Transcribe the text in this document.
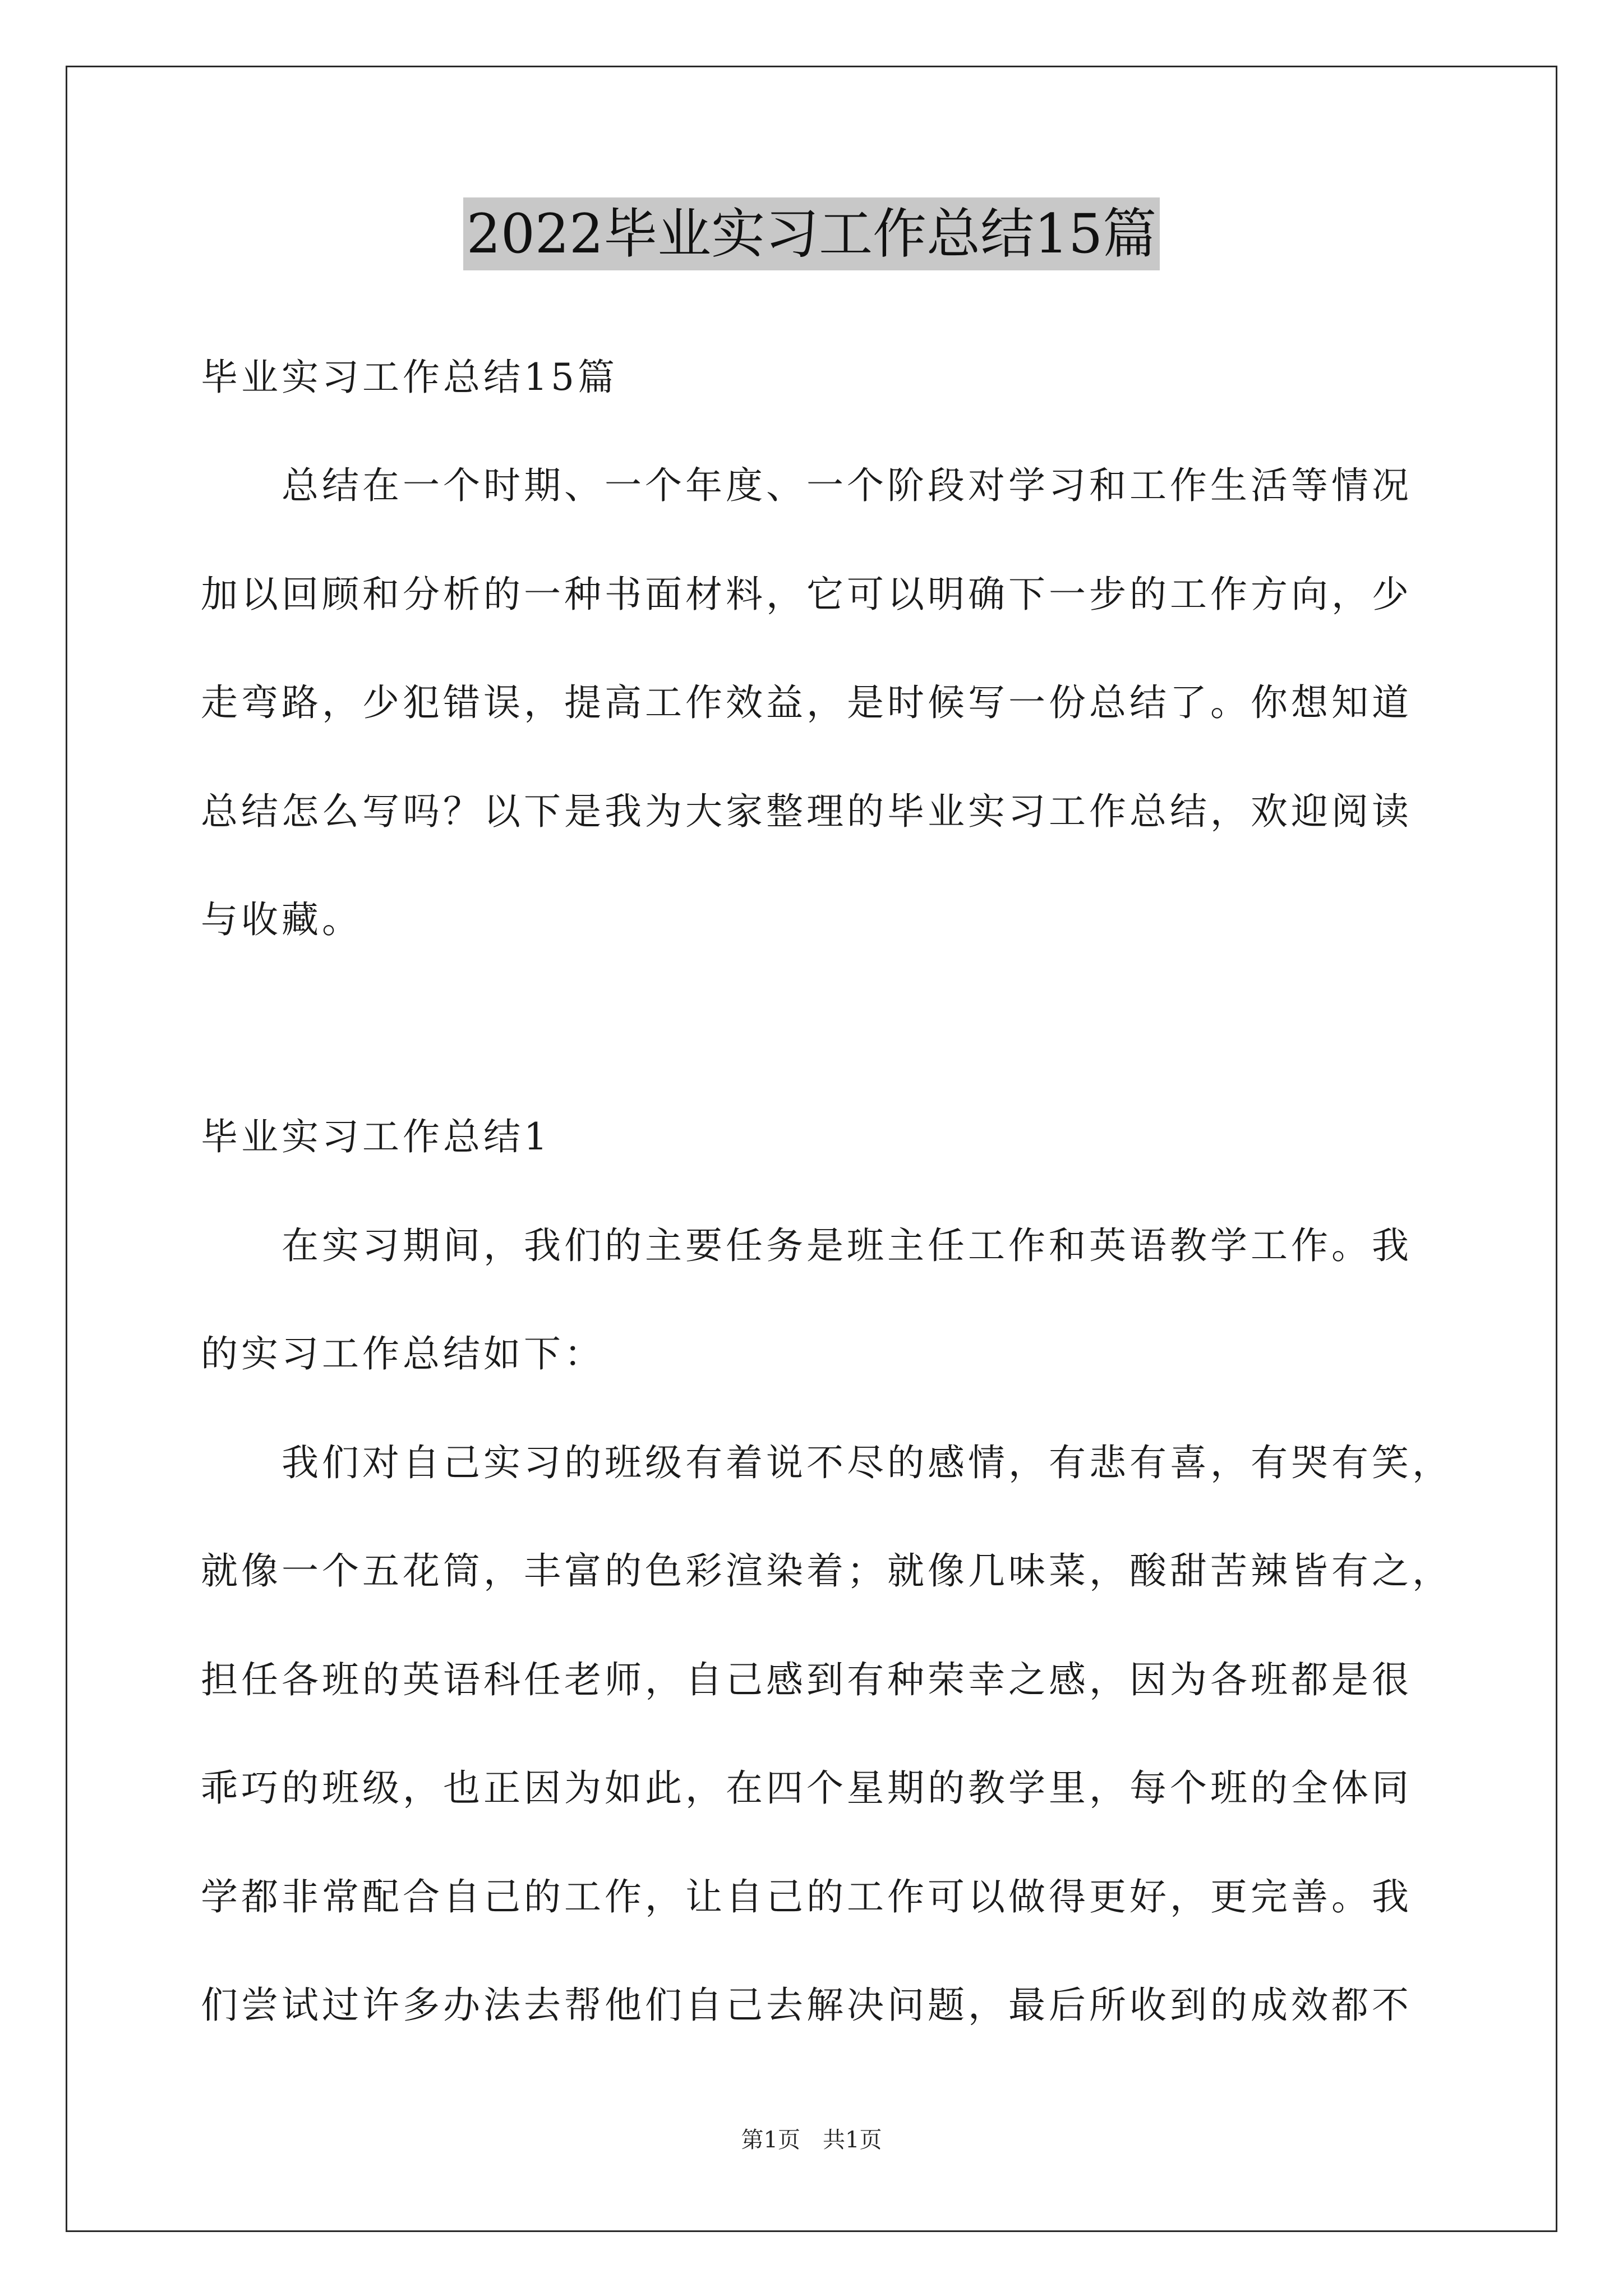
2022毕业实习工作总结15篇
毕业实习工作总结15篇
总结在一个时期、一个年度、一个阶段对学习和工作生活等情况
加以回顾和分析的一种书面材料，它可以明确下一步的工作方向，少
走弯路，少犯错误，提高工作效益，是时候写一份总结了。你想知道
总结怎么写吗？以下是我为大家整理的毕业实习工作总结，欢迎阅读
与收藏。
毕业实习工作总结1
在实习期间，我们的主要任务是班主任工作和英语教学工作。我
的实习工作总结如下：
我们对自己实习的班级有着说不尽的感情，有悲有喜，有哭有笑，
就像一个五花筒，丰富的色彩渲染着；就像几味菜，酸甜苦辣皆有之，
担任各班的英语科任老师，自己感到有种荣幸之感，因为各班都是很
乖巧的班级，也正因为如此，在四个星期的教学里，每个班的全体同
学都非常配合自己的工作，让自己的工作可以做得更好，更完善。我
们尝试过许多办法去帮他们自己去解决问题，最后所收到的成效都不
第1页　共1页
